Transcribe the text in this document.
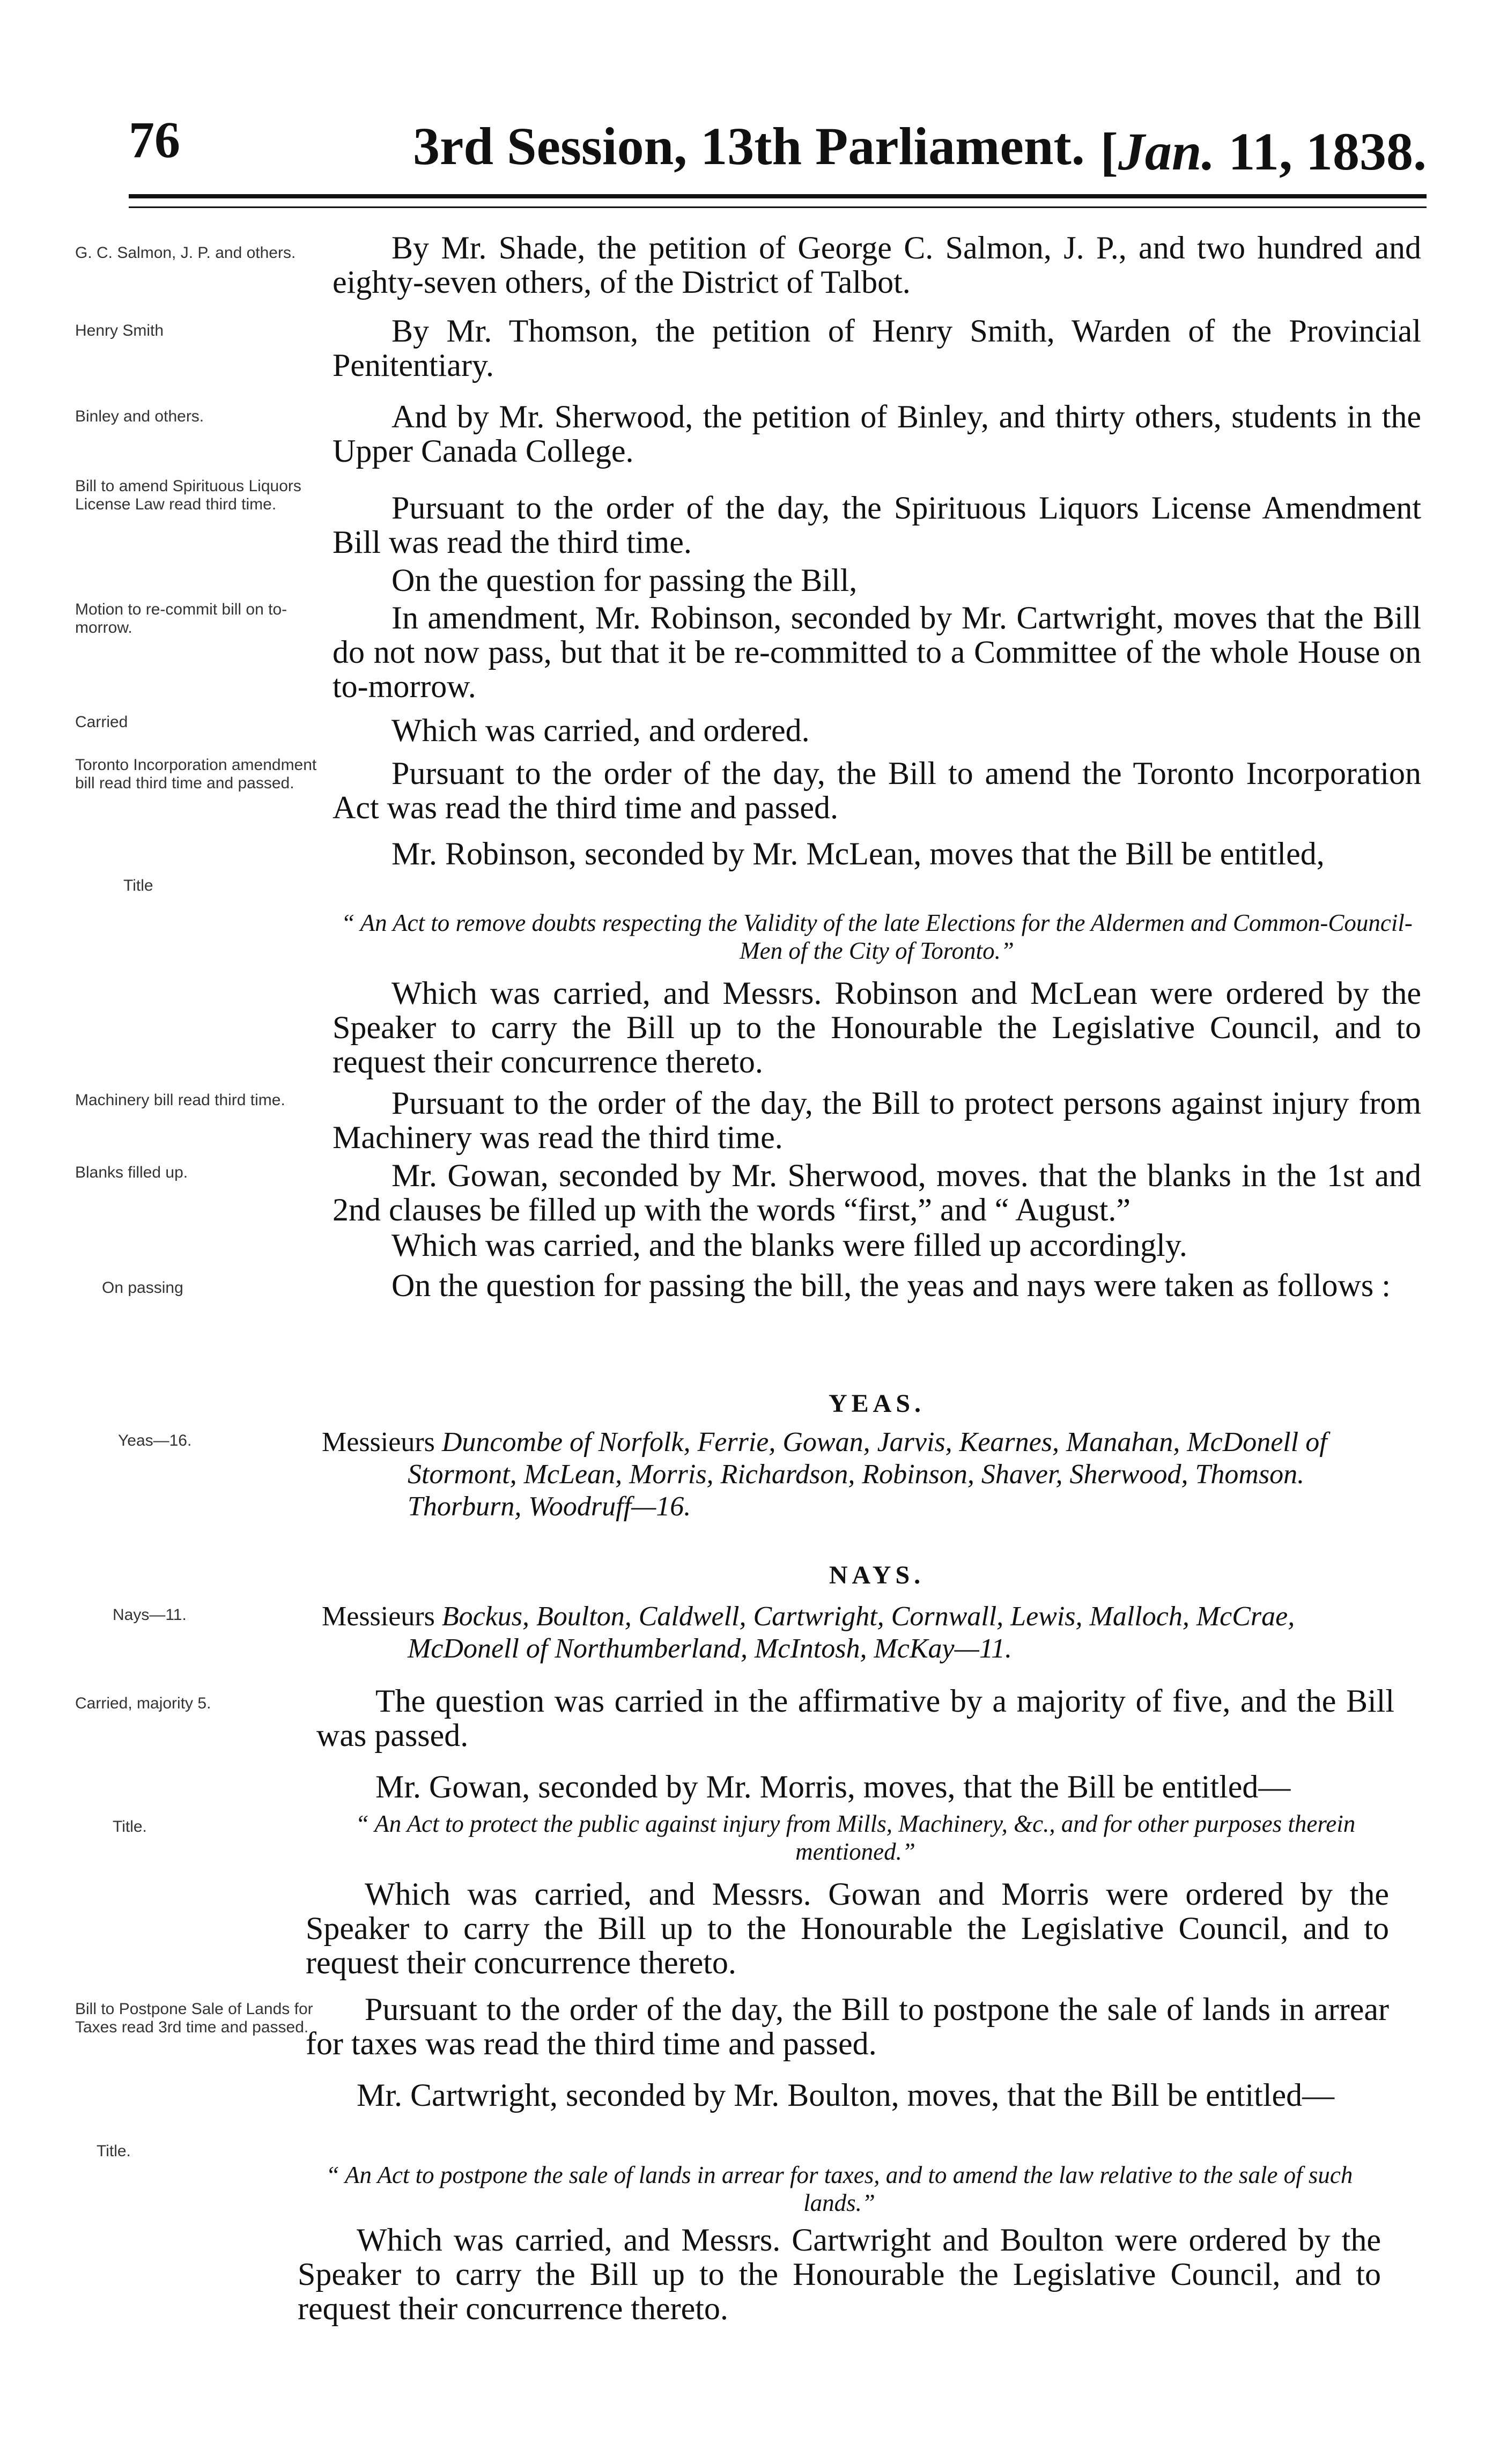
76	3rd Session, 13th Parliament. [Jan. 11, 1838.
G. C. Salmon, J. P. and others.	By Mr. Shade, the petition of George C. Salmon, J. P., and two hundred and eighty-seven others, of the District of Talbot.

Henry Smith	By Mr. Thomson, the petition of Henry Smith, Warden of the Provincial Penitentiary.

Binley and others.	And by Mr. Sherwood, the petition of Binley, and thirty others, students in the Upper Canada College.

Bill to amend Spirituous Liquors License Law read third time.	Pursuant to the order of the day, the Spirituous Liquors License Amendment Bill was read the third time.

On the question for passing the Bill,

Motion to re-commit bill on to-morrow.	In amendment, Mr. Robinson, seconded by Mr. Cartwright, moves that the Bill do not now pass, but that it be re-committed to a Committee of the whole House on to-morrow.

Carried	Which was carried, and ordered.

Toronto Incorporation amendment bill read third time and passed.	Pursuant to the order of the day, the Bill to amend the Toronto Incorporation Act was read the third time and passed.

Title

Mr. Robinson, seconded by Mr. McLean, moves that the Bill be entitled,

“ An Act to remove doubts respecting the Validity of the late Elections for the Aldermen and Common-Council-Men of the City of Toronto.”

Which was carried, and Messrs. Robinson and McLean were ordered by the Speaker to carry the Bill up to the Honourable the Legislative Council, and to request their concurrence thereto.

Machinery bill read third time.	Pursuant to the order of the day, the Bill to protect persons against injury from Machinery was read the third time.

Blanks filled up.	Mr. Gowan, seconded by Mr. Sherwood, moves. that the blanks in the 1st and 2nd clauses be filled up with the words “first,” and “ August.”

Which was carried, and the blanks were filled up accordingly.

On passing	On the question for passing the bill, the yeas and nays were taken as follows :

YEAS.
Yeas—16.	Messieurs Duncombe of Norfolk, Ferrie, Gowan, Jarvis, Kearnes, Manahan, McDonell of
Stormont, McLean, Morris, Richardson, Robinson, Shaver, Sherwood, Thomson.
Thorburn, Woodruff—16.
NAYS.
Nays—11.	Messieurs Bockus, Boulton, Caldwell, Cartwright, Cornwall, Lewis, Malloch, McCrae,
McDonell of Northumberland, McIntosh, McKay—11.
Carried, majority 5.	The question was carried in the affirmative by a majority of five, and the Bill was passed.

Title.

Mr. Gowan, seconded by Mr. Morris, moves, that the Bill be entitled—

“ An Act to protect the public against injury from Mills, Machinery, &c., and for other purposes therein mentioned.”

Which was carried, and Messrs. Gowan and Morris were ordered by the Speaker to carry the Bill up to the Honourable the Legislative Council, and to request their concurrence thereto.

Bill to Postpone Sale of Lands for Taxes read 3rd time and passed.

Pursuant to the order of the day, the Bill to postpone the sale of lands in arrear for taxes was read the third time and passed.

Title.

Mr. Cartwright, seconded by Mr. Boulton, moves, that the Bill be entitled—

“ An Act to postpone the sale of lands in arrear for taxes, and to amend the law relative to the sale of such lands.”

Which was carried, and Messrs. Cartwright and Boulton were ordered by the Speaker to carry the Bill up to the Honourable the Legislative Council, and to request their concurrence thereto.
